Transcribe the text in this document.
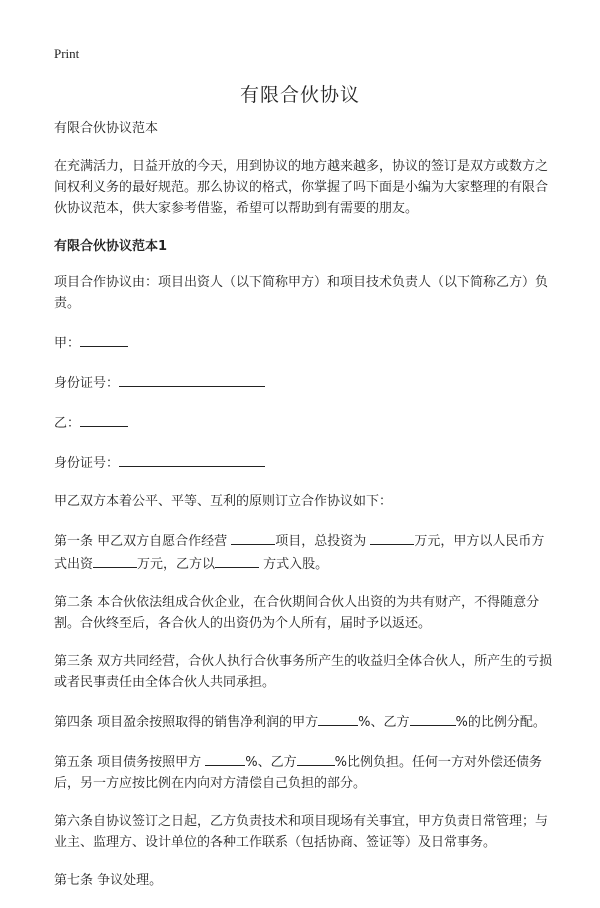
Print
有限合伙协议

有限合伙协议范本

在充满活力，日益开放的今天，用到协议的地方越来越多，协议的签订是双方或数方之间权利义务的最好规范。那么协议的格式，你掌握了吗下面是小编为大家整理的有限合伙协议范本，供大家参考借鉴，希望可以帮助到有需要的朋友。

有限合伙协议范本1

项目合作协议由：项目出资人（以下简称甲方）和项目技术负责人（以下简称乙方）负责。

甲：

身份证号：

乙：

身份证号：

甲乙双方本着公平、平等、互利的原则订立合作协议如下：

第一条 甲乙双方自愿合作经营	项目，总投资为	万元，甲方以人民币方式出资	万元，乙方以	方式入股。

第二条 本合伙依法组成合伙企业，在合伙期间合伙人出资的为共有财产，不得随意分割。合伙终至后，各合伙人的出资仍为个人所有，届时予以返还。

第三条 双方共同经营，合伙人执行合伙事务所产生的收益归全体合伙人，所产生的亏损或者民事责任由全体合伙人共同承担。

第四条 项目盈余按照取得的销售净利润的甲方	%、乙方	%的比例分配。

第五条 项目债务按照甲方	%、乙方	%比例负担。任何一方对外偿还债务后，另一方应按比例在内向对方清偿自己负担的部分。

第六条自协议签订之日起，乙方负责技术和项目现场有关事宜，甲方负责日常管理；与业主、监理方、设计单位的各种工作联系（包括协商、签证等）及日常事务。

第七条 争议处理。
